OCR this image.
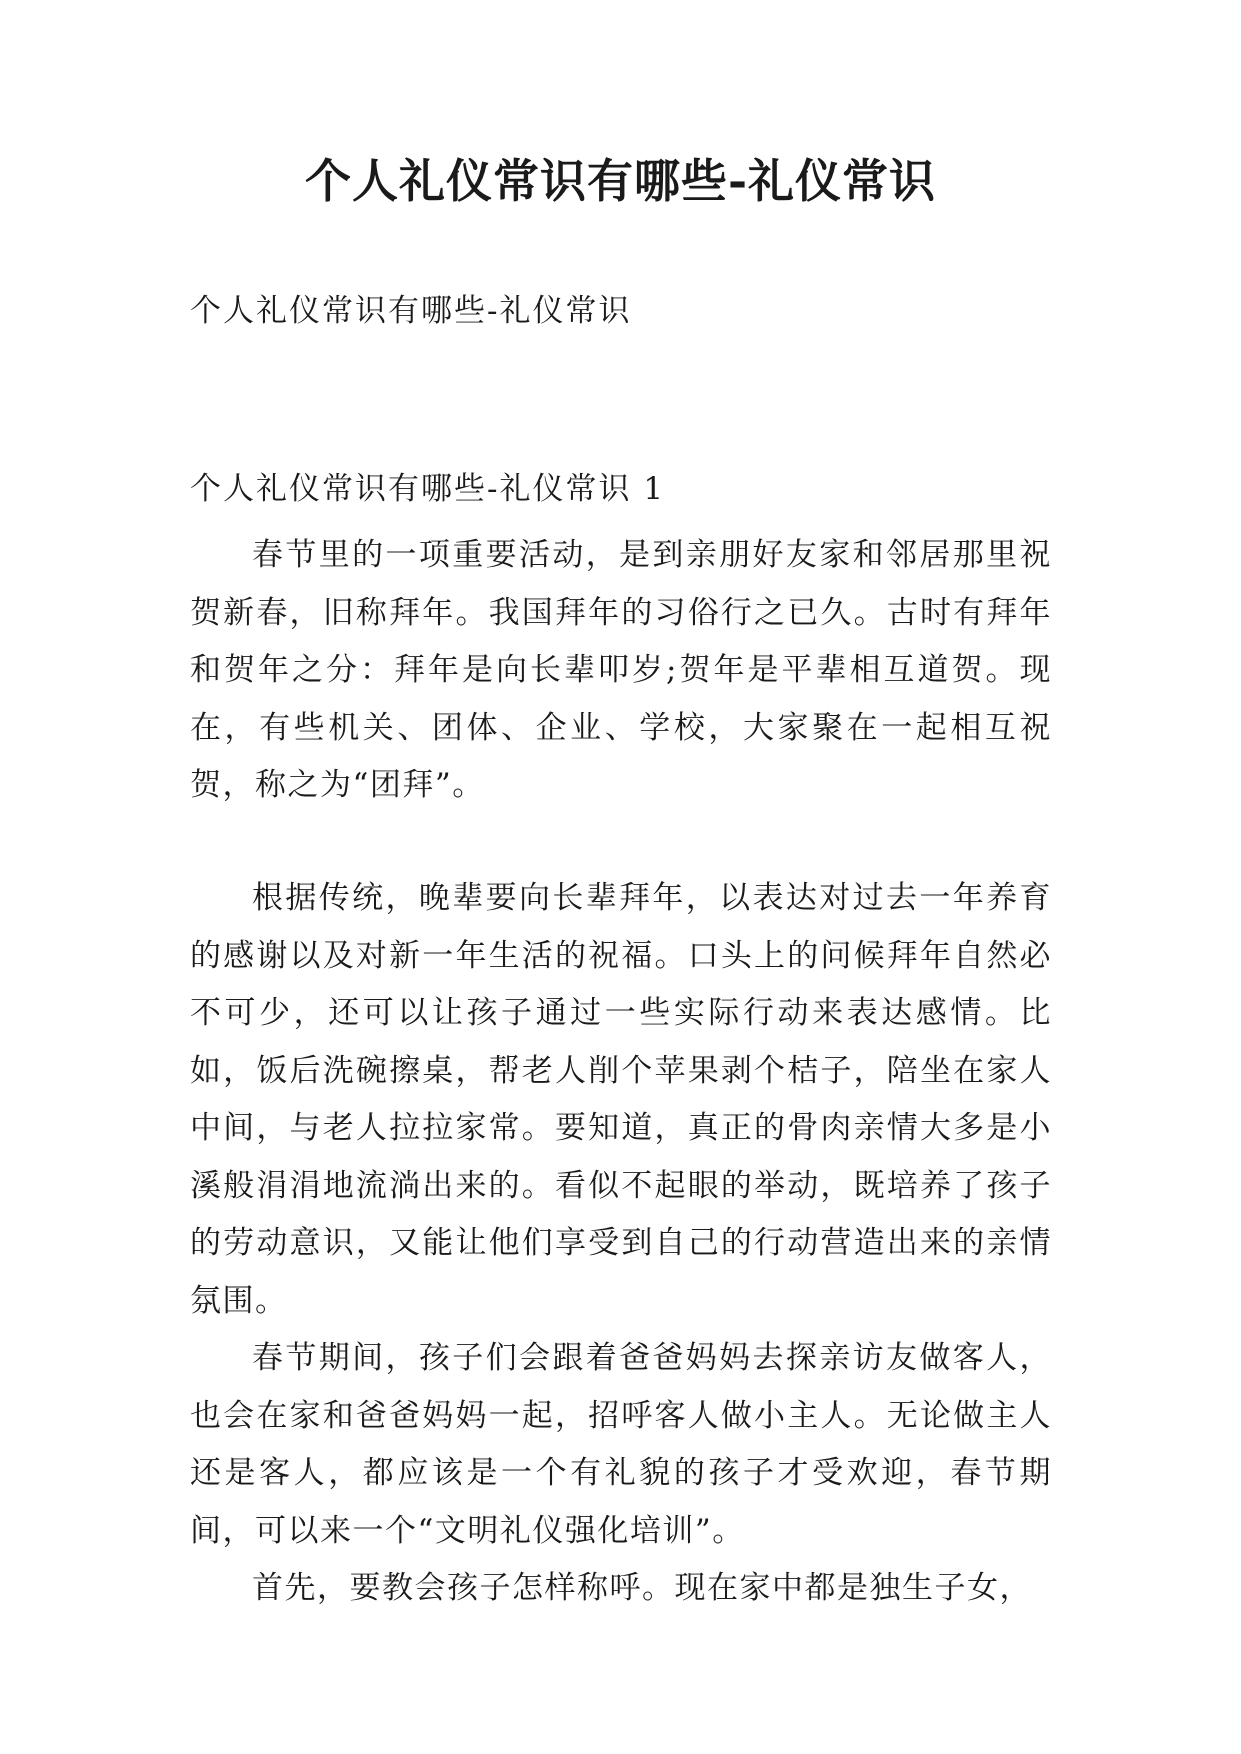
个人礼仪常识有哪些-礼仪常识

个人礼仪常识有哪些-礼仪常识

个人礼仪常识有哪些-礼仪常识 1

春节里的一项重要活动，是到亲朋好友家和邻居那里祝贺新春，旧称拜年。我国拜年的习俗行之已久。古时有拜年和贺年之分：拜年是向长辈叩岁;贺年是平辈相互道贺。现在，有些机关、团体、企业、学校，大家聚在一起相互祝贺，称之为“团拜”。

根据传统，晚辈要向长辈拜年，以表达对过去一年养育的感谢以及对新一年生活的祝福。口头上的问候拜年自然必不可少，还可以让孩子通过一些实际行动来表达感情。比如，饭后洗碗擦桌，帮老人削个苹果剥个桔子，陪坐在家人中间，与老人拉拉家常。要知道，真正的骨肉亲情大多是小溪般涓涓地流淌出来的。看似不起眼的举动，既培养了孩子的劳动意识，又能让他们享受到自己的行动营造出来的亲情氛围。

春节期间，孩子们会跟着爸爸妈妈去探亲访友做客人，也会在家和爸爸妈妈一起，招呼客人做小主人。无论做主人还是客人，都应该是一个有礼貌的孩子才受欢迎，春节期间，可以来一个“文明礼仪强化培训”。

首先，要教会孩子怎样称呼。现在家中都是独生子女，
